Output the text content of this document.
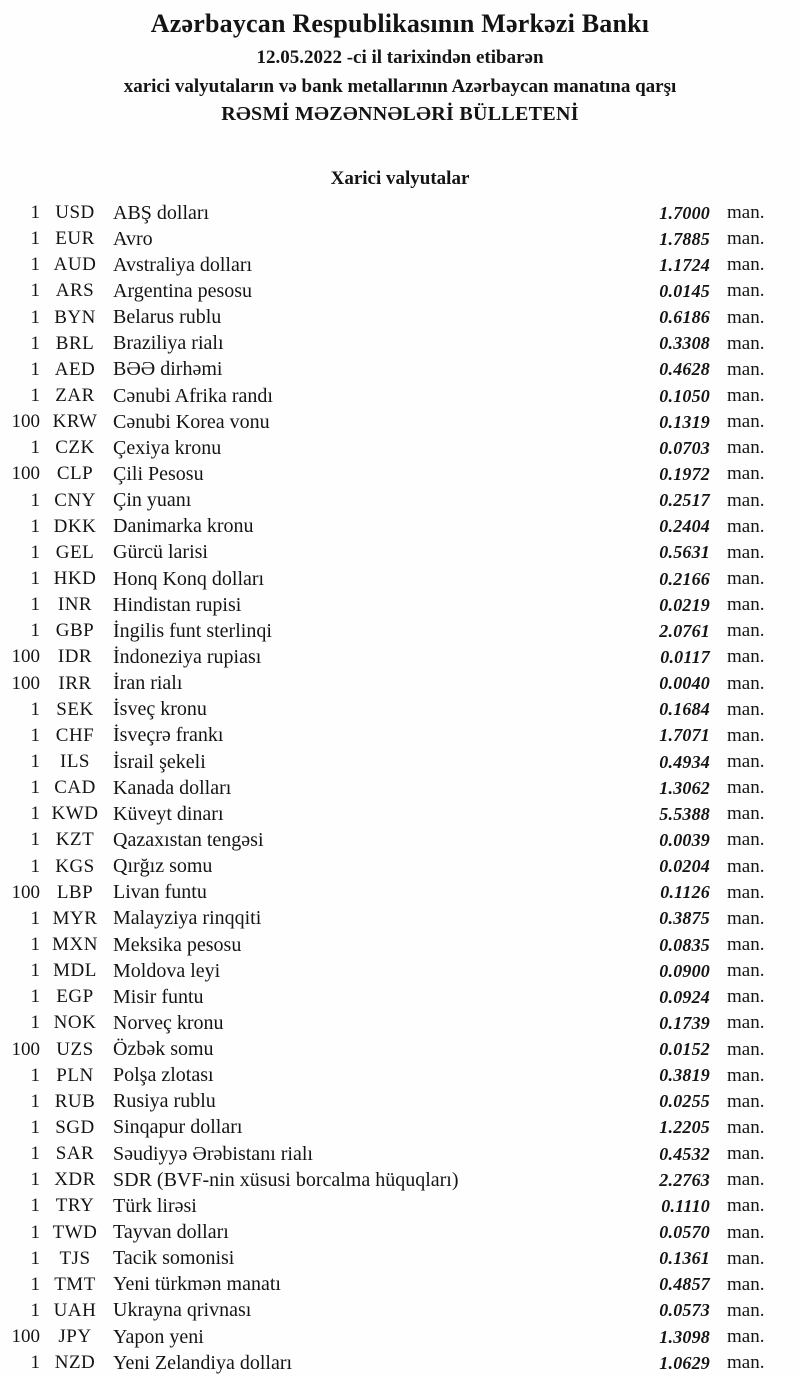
Azərbaycan Respublikasının Mərkəzi Bankı
12.05.2022 -ci il tarixindən etibarən
xarici valyutaların və bank metallarının Azərbaycan manatına qarşı
RƏSMİ MƏZƏNNƏLƏRİ BÜLLETENİ
Xarici valyutalar
1 USD ABŞ dolları	1.7000 man.
1 EUR Avro	1.7885 man.
1 AUD Avstraliya dolları	1.1724 man.
1 ARS Argentina pesosu	0.0145 man.
1 BYN Belarus rublu	0.6186 man.
1 BRL Braziliya rialı	0.3308 man.
1 AED BƏƏ dirhəmi	0.4628 man.
1 ZAR Cənubi Afrika randı	0.1050 man.
100 KRW Cənubi Korea vonu	0.1319 man.
1 CZK Çexiya kronu	0.0703 man.
100 CLP Çili Pesosu	0.1972 man.
1 CNY Çin yuanı	0.2517 man.
1 DKK Danimarka kronu	0.2404 man.
1 GEL Gürcü larisi	0.5631 man.
1 HKD Honq Konq dolları	0.2166 man.
1 INR	Hindistan rupisi	0.0219 man.
1 GBP İngilis funt sterlinqi	2.0761 man.
100 IDR	İndoneziya rupiası	0.0117 man.
100 IRR	İran rialı	0.0040 man.
1 SEK İsveç kronu	0.1684 man.
1 CHF İsveçrə frankı	1.7071 man.
1	ILS	İsrail şekeli	0.4934 man.
1 CAD Kanada dolları	1.3062 man.
1 KWD Küveyt dinarı	5.5388 man.
1 KZT Qazaxıstan tengəsi	0.0039 man.
1 KGS Qırğız somu	0.0204 man.
100 LBP Livan funtu	0.1126 man.
1 MYR Malayziya rinqqiti	0.3875 man.
1 MXN Meksika pesosu	0.0835 man.
1 MDL Moldova leyi	0.0900 man.
1 EGP Misir funtu	0.0924 man.
1 NOK Norveç kronu	0.1739 man.
100 UZS Özbək somu	0.0152 man.
1 PLN Polşa zlotası	0.3819 man.
1 RUB Rusiya rublu	0.0255 man.
1 SGD Sinqapur dolları	1.2205 man.
1 SAR Səudiyyə Ərəbistanı rialı	0.4532 man.
1 XDR SDR (BVF-nin xüsusi borcalma hüquqları)	2.2763 man.
1 TRY Türk lirəsi	0.1110 man.
1 TWD Tayvan dolları	0.0570 man.
1	TJS	Tacik somonisi	0.1361 man.
1 TMT Yeni türkmən manatı	0.4857 man.
1 UAH Ukrayna qrivnası	0.0573 man.
100 JPY	Yapon yeni	1.3098 man.
1 NZD Yeni Zelandiya dolları	1.0629 man.
